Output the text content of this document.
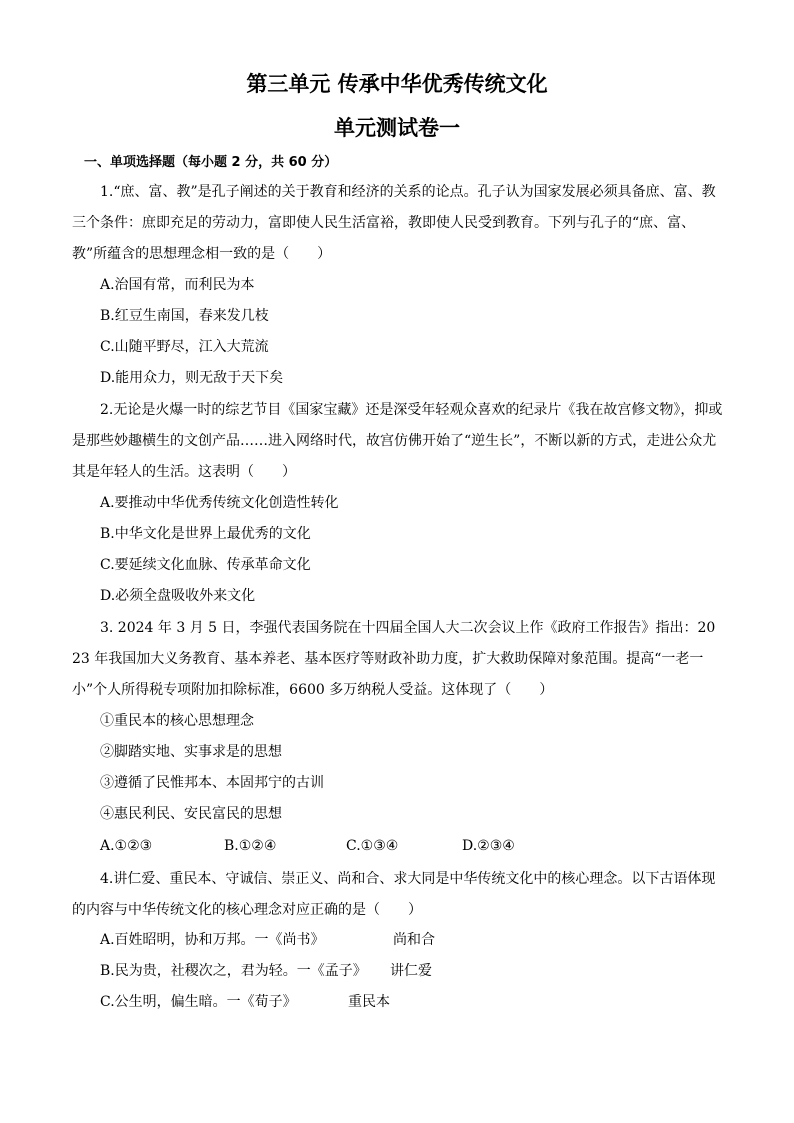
第三单元 传承中华优秀传统文化
单元测试卷一
一、单项选择题（每小题 2 分，共 60 分）

1.“庶、富、教”是孔子阐述的关于教育和经济的关系的论点。孔子认为国家发展必须具备庶、富、教三个条件：庶即充足的劳动力，富即使人民生活富裕，教即使人民受到教育。下列与孔子的“庶、富、教”所蕴含的思想理念相一致的是（　　）

A.治国有常，而利民为本
B.红豆生南国，春来发几枝
C.山随平野尽，江入大荒流
D.能用众力，则无敌于天下矣

2.无论是火爆一时的综艺节目《国家宝藏》还是深受年轻观众喜欢的纪录片《我在故宫修文物》，抑或是那些妙趣横生的文创产品……进入网络时代，故宫仿佛开始了“逆生长”，不断以新的方式，走进公众尤其是年轻人的生活。这表明（　　）

A.要推动中华优秀传统文化创造性转化
B.中华文化是世界上最优秀的文化
C.要延续文化血脉、传承革命文化
D.必须全盘吸收外来文化

3. 2024 年 3 月 5 日，李强代表国务院在十四届全国人大二次会议上作《政府工作报告》指出：2023 年我国加大义务教育、基本养老、基本医疗等财政补助力度，扩大救助保障对象范围。提高“一老一小”个人所得税专项附加扣除标准，6600 多万纳税人受益。这体现了（　　）

①重民本的核心思想理念
②脚踏实地、实事求是的思想
③遵循了民惟邦本、本固邦宁的古训
④惠民利民、安民富民的思想
A.①②③	B.①②④	C.①③④	D.②③④

4.讲仁爱、重民本、守诚信、崇正义、尚和合、求大同是中华传统文化中的核心理念。以下古语体现的内容与中华传统文化的核心理念对应正确的是（　　）

A.百姓昭明，协和万邦。一《尚书》	尚和合
B.民为贵，社稷次之，君为轻。一《孟子》 讲仁爱
C.公生明，偏生暗。一《荀子》	重民本
